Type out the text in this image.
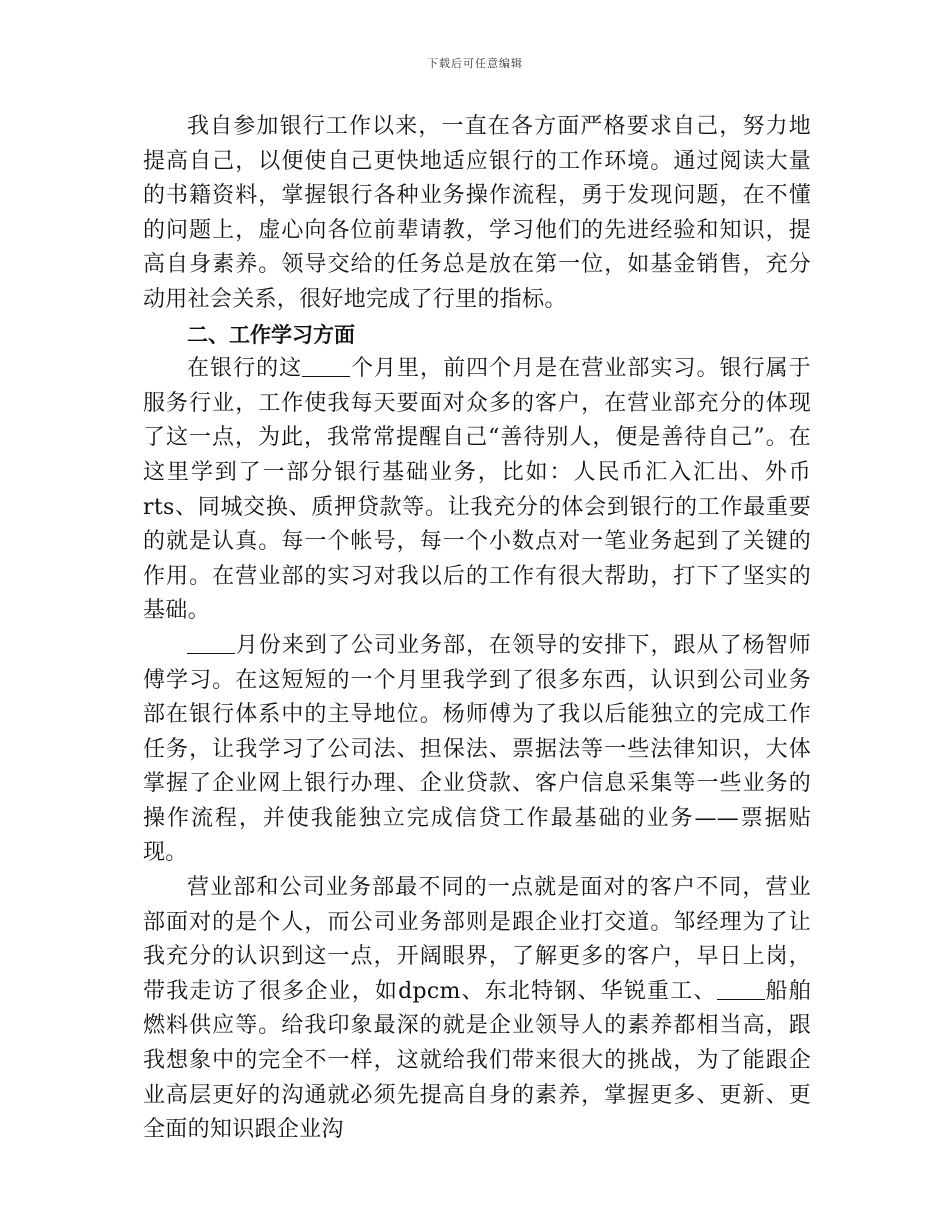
下载后可任意编辑

我自参加银行工作以来，一直在各方面严格要求自己，努力地提高自己，以便使自己更快地适应银行的工作环境。通过阅读大量的书籍资料，掌握银行各种业务操作流程，勇于发现问题，在不懂的问题上，虚心向各位前辈请教，学习他们的先进经验和知识，提高自身素养。领导交给的任务总是放在第一位，如基金销售，充分动用社会关系，很好地完成了行里的指标。

二、工作学习方面

在银行的这 个月里，前四个月是在营业部实习。银行属于服务行业，工作使我每天要面对众多的客户，在营业部充分的体现了这一点，为此，我常常提醒自己“善待别人，便是善待自己”。在这里学到了一部分银行基础业务，比如：人民币汇入汇出、外币rts、同城交换、质押贷款等。让我充分的体会到银行的工作最重要的就是认真。每一个帐号，每一个小数点对一笔业务起到了关键的作用。在营业部的实习对我以后的工作有很大帮助，打下了坚实的基础。

月份来到了公司业务部，在领导的安排下，跟从了杨智师傅学习。在这短短的一个月里我学到了很多东西，认识到公司业务部在银行体系中的主导地位。杨师傅为了我以后能独立的完成工作任务，让我学习了公司法、担保法、票据法等一些法律知识，大体掌握了企业网上银行办理、企业贷款、客户信息采集等一些业务的操作流程，并使我能独立完成信贷工作最基础的业务——票据贴现。

营业部和公司业务部最不同的一点就是面对的客户不同，营业部面对的是个人，而公司业务部则是跟企业打交道。邹经理为了让我充分的认识到这一点，开阔眼界，了解更多的客户，早日上岗，带我走访了很多企业，如dpcm、东北特钢、华锐重工、 船舶燃料供应等。给我印象最深的就是企业领导人的素养都相当高，跟我想象中的完全不一样，这就给我们带来很大的挑战，为了能跟企业高层更好的沟通就必须先提高自身的素养，掌握更多、更新、更全面的知识跟企业沟
